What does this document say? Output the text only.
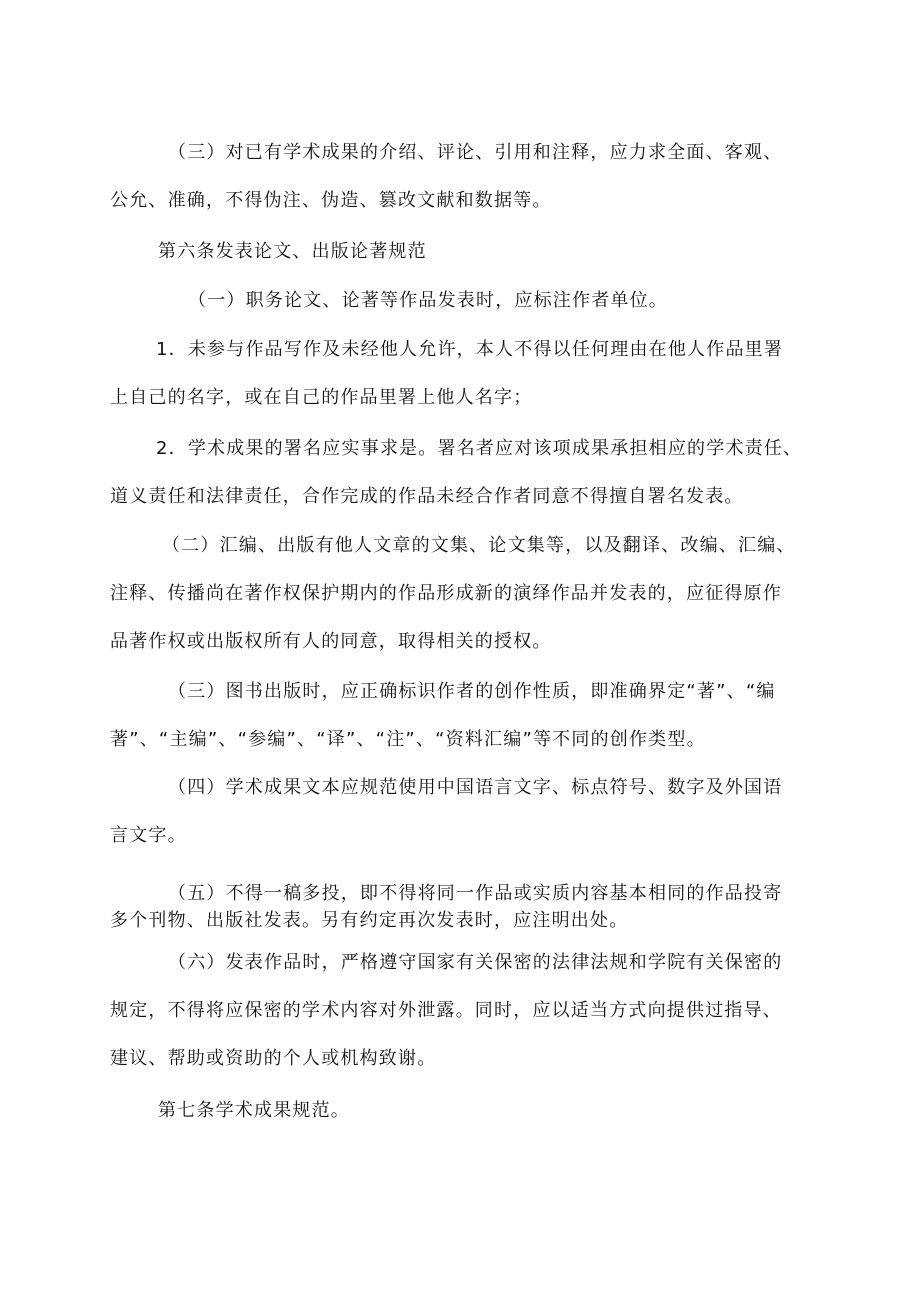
（三）对已有学术成果的介绍、评论、引用和注释，应力求全面、客观、
公允、准确，不得伪注、伪造、篡改文献和数据等。
第六条发表论文、出版论著规范
（一）职务论文、论著等作品发表时，应标注作者单位。
1．未参与作品写作及未经他人允许，本人不得以任何理由在他人作品里署
上自己的名字，或在自己的作品里署上他人名字；
2．学术成果的署名应实事求是。署名者应对该项成果承担相应的学术责任、
道义责任和法律责任，合作完成的作品未经合作者同意不得擅自署名发表。
（二）汇编、出版有他人文章的文集、论文集等，以及翻译、改编、汇编、
注释、传播尚在著作权保护期内的作品形成新的演绎作品并发表的，应征得原作
品著作权或出版权所有人的同意，取得相关的授权。
（三）图书出版时，应正确标识作者的创作性质，即准确界定“著”、“编
著”、“主编”、“参编”、“译”、“注”、“资料汇编”等不同的创作类型。
（四）学术成果文本应规范使用中国语言文字、标点符号、数字及外国语
言文字。
（五）不得一稿多投，即不得将同一作品或实质内容基本相同的作品投寄
多个刊物、出版社发表。另有约定再次发表时，应注明出处。
（六）发表作品时，严格遵守国家有关保密的法律法规和学院有关保密的
规定，不得将应保密的学术内容对外泄露。同时，应以适当方式向提供过指导、
建议、帮助或资助的个人或机构致谢。
第七条学术成果规范。
